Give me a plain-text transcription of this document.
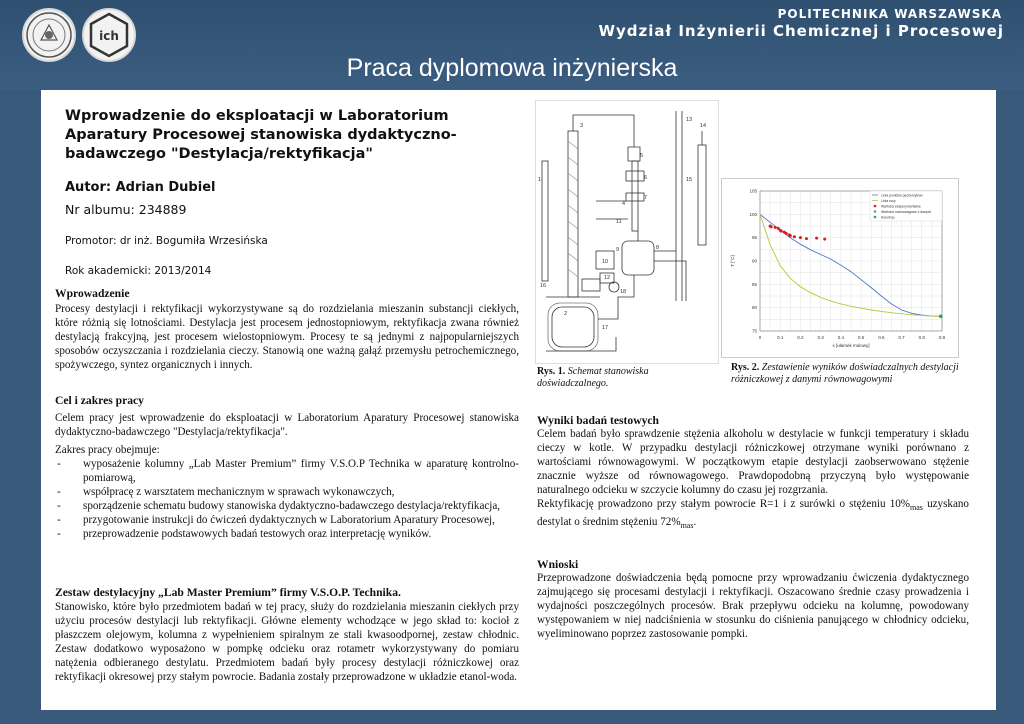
ich
POLITECHNIKA WARSZAWSKA
Wydział Inżynierii Chemicznej i Procesowej
Praca dyplomowa inżynierska
Wprowadzenie do eksploatacji w Laboratorium Aparatury Procesowej stanowiska dydaktyczno-badawczego "Destylacja/rektyfikacja"
Autor: Adrian Dubiel
Nr albumu: 234889
Promotor: dr inż. Bogumiła Wrzesińska
Rok akademicki: 2013/2014
Wprowadzenie

Procesy destylacji i rektyfikacji wykorzystywane są do rozdzielania mieszanin substancji ciekłych, które różnią się lotnościami. Destylacja jest procesem jednostopniowym, rektyfikacja zwana również destylacją frakcyjną, jest procesem wielostopniowym. Procesy te są jednymi z najpopularniejszych sposobów oczyszczania i rozdzielania cieczy. Stanowią one ważną gałąź przemysłu petrochemicznego, spożywczego, syntez organicznych i innych.

Cel i zakres pracy

Celem pracy jest wprowadzenie do eksploatacji w Laboratorium Aparatury Procesowej stanowiska dydaktyczno-badawczego "Destylacja/rektyfikacja".

Zakres pracy obejmuje:

- wyposażenie kolumny „Lab Master Premium” firmy V.S.O.P Technika w aparaturę kontrolno-pomiarową,
- współpracę z warsztatem mechanicznym w sprawach wykonawczych,
- sporządzenie schematu budowy stanowiska dydaktyczno-badawczego destylacja/rektyfikacja,
- przygotowanie instrukcji do ćwiczeń dydaktycznych w Laboratorium Aparatury Procesowej,
- przeprowadzenie podstawowych badań testowych oraz interpretację wyników.
Zestaw destylacyjny „Lab Master Premium” firmy V.S.O.P. Technika.

Stanowisko, które było przedmiotem badań w tej pracy, służy do rozdzielania mieszanin ciekłych przy użyciu procesów destylacji lub rektyfikacji. Główne elementy wchodzące w jego skład to: kocioł z płaszczem olejowym, kolumna z wypełnieniem spiralnym ze stali kwasoodpornej, zestaw chłodnic. Zestaw dodatkowo wyposażono w pompkę odcieku oraz rotametr wykorzystywany do pomiaru natężenia odbieranego destylatu. Przedmiotem badań były procesy destylacji różniczkowej oraz rektyfikacji okresowej przy stałym powrocie. Badania zostały przeprowadzone w układzie etanol-woda.

1
2
3
4
5
6
7
8
9
10
11
12
13
14
15
16
17
18
Rys. 1. Schemat stanowiska doświadczalnego.
0	0.1	0.2	0.3	0.4	0.5	0.6	0.7	0.8	0.9
75
80
85
90
95
100
105
x [ułamek molowy]
T [°C]
Linia punktów pęcherzyków
Linia rosy
Wartości eksperymentalne
Wartości równowagowe z danych
Azeotrop
Rys. 2. Zestawienie wyników doświadczalnych destylacji różniczkowej z danymi równowagowymi
Wyniki badań testowych

Celem badań było sprawdzenie stężenia alkoholu w destylacie w funkcji temperatury i składu cieczy w kotle. W przypadku destylacji różniczkowej otrzymane wyniki porównano z wartościami równowagowymi. W początkowym etapie destylacji zaobserwowano stężenie znacznie wyższe od równowagowego. Prawdopodobną przyczyną było występowanie naturalnego odcieku w szczycie kolumny do czasu jej rozgrzania.

Rektyfikację prowadzono przy stałym powrocie R=1 i z surówki o stężeniu $10\%_{mas}$ uzyskano destylat o średnim stężeniu $72\%_{mas}$.

Wnioski

Przeprowadzone doświadczenia będą pomocne przy wprowadzaniu ćwiczenia dydaktycznego zajmującego się procesami destylacji i rektyfikacji. Oszacowano średnie czasy prowadzenia i wydajności poszczególnych procesów. Brak przepływu odcieku na kolumnę, powodowany występowaniem w niej nadciśnienia w stosunku do ciśnienia panującego w chłodnicy odcieku, wyeliminowano poprzez zastosowanie pompki.
